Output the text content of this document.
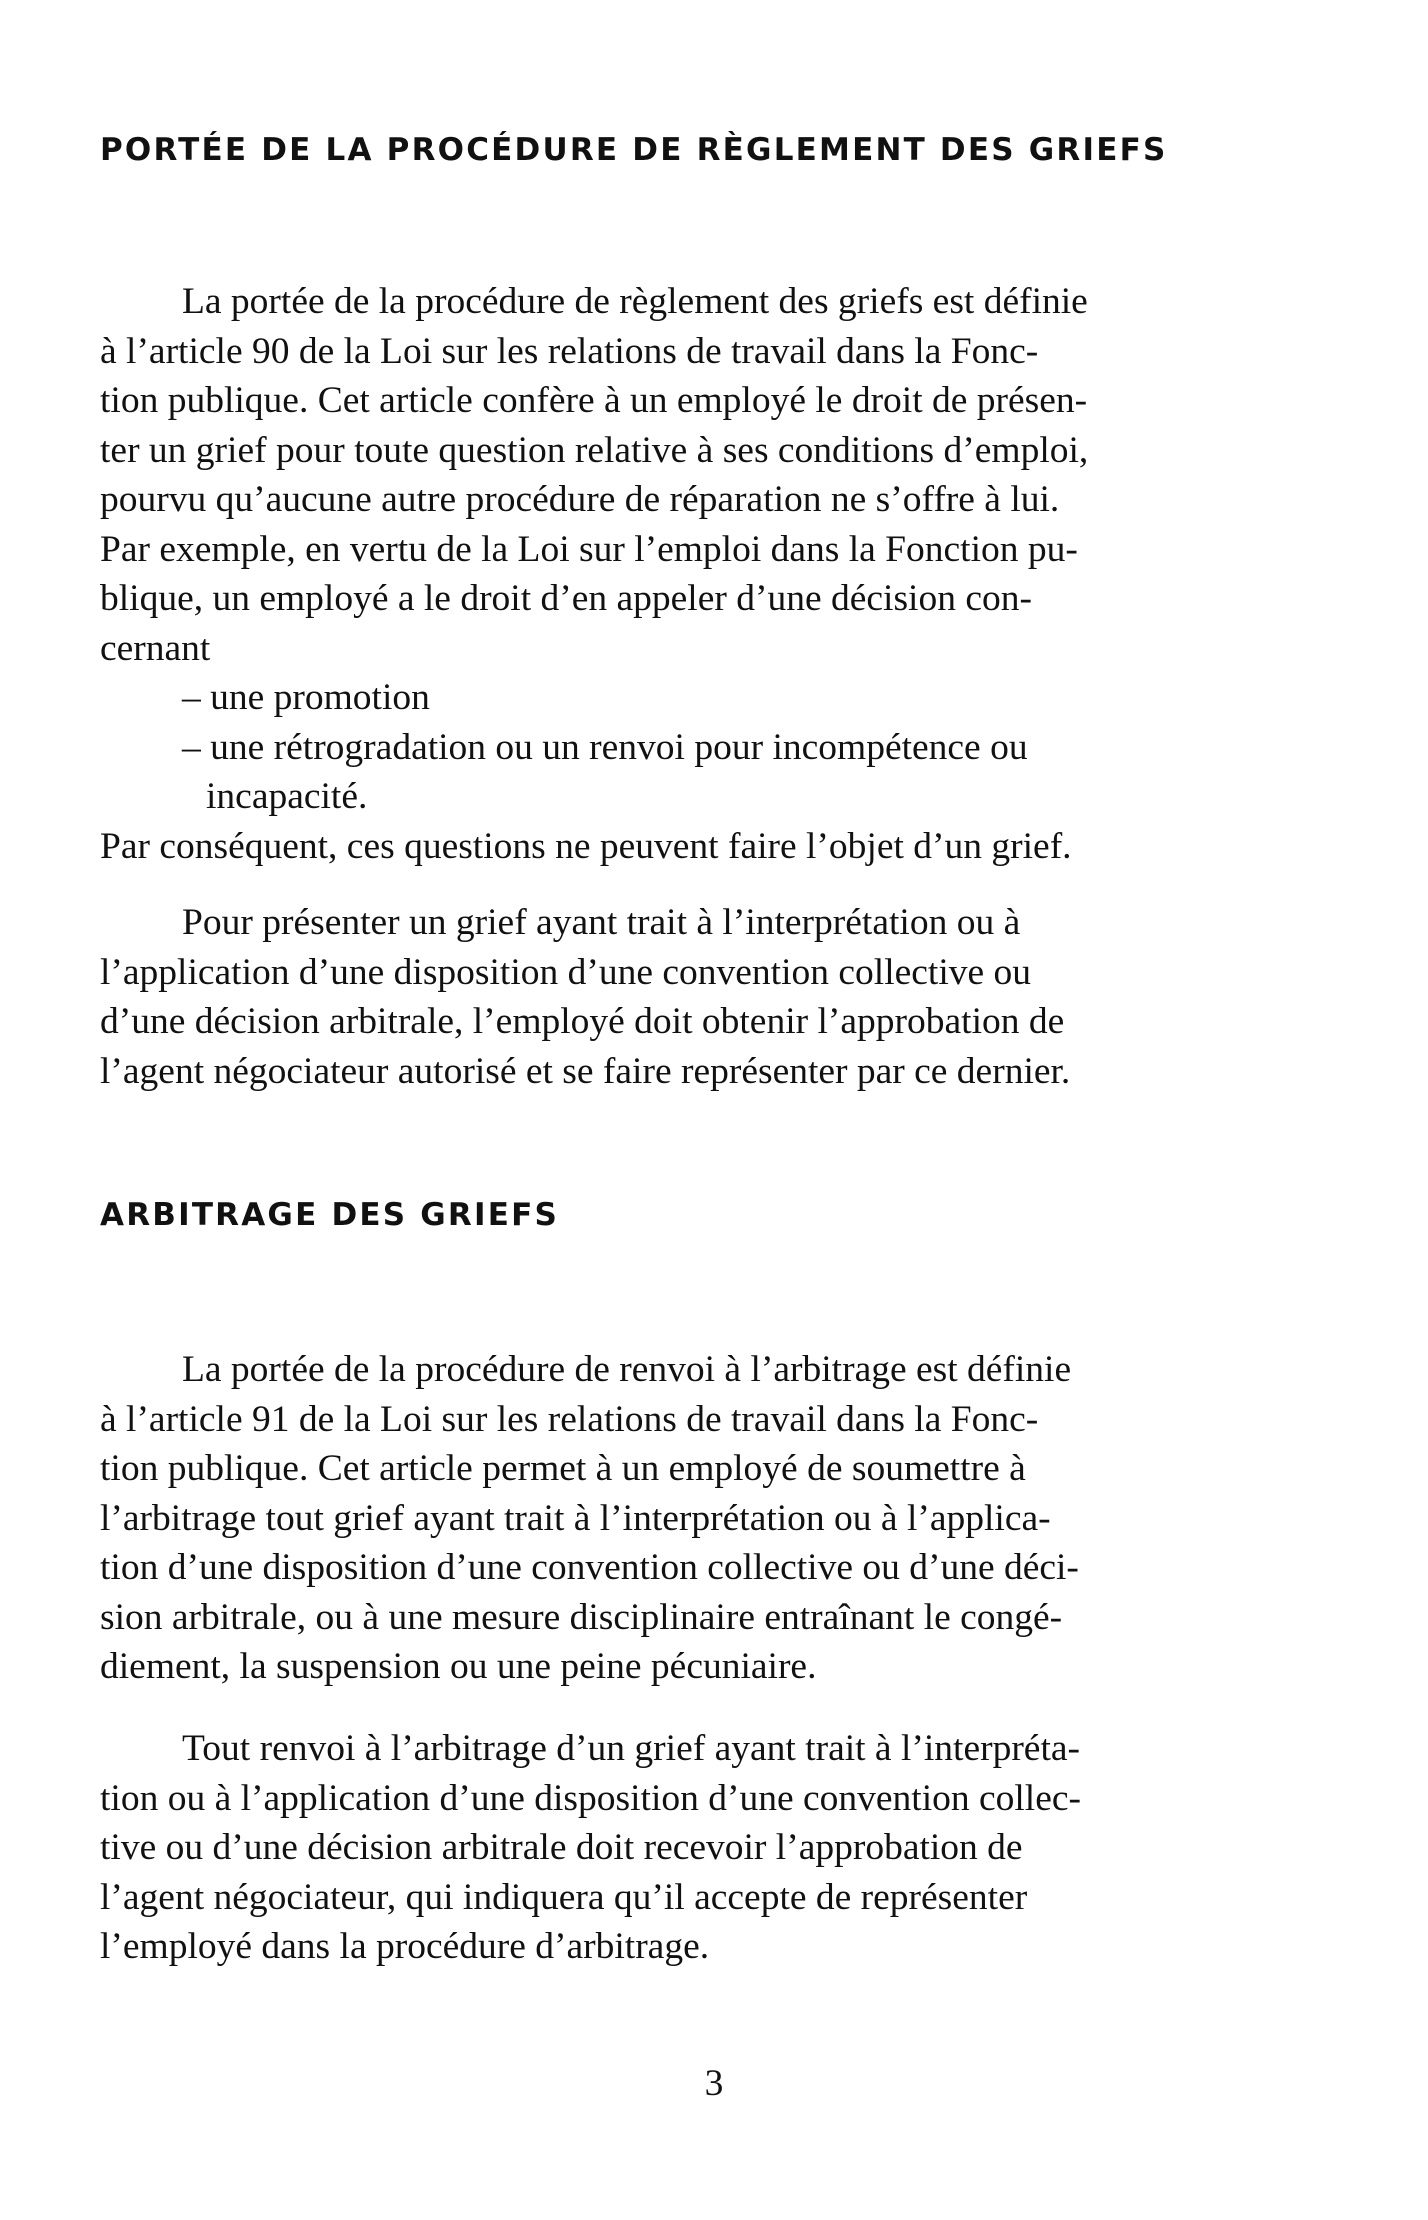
PORTÉE DE LA PROCÉDURE DE RÈGLEMENT DES GRIEFS
La portée de la procédure de règlement des griefs est définie
à l’article 90 de la Loi sur les relations de travail dans la Fonc-
tion publique. Cet article confère à un employé le droit de présen-
ter un grief pour toute question relative à ses conditions d’emploi,
pourvu qu’aucune autre procédure de réparation ne s’offre à lui.
Par exemple, en vertu de la Loi sur l’emploi dans la Fonction pu-
blique, un employé a le droit d’en appeler d’une décision con-
cernant
– une promotion
– une rétrogradation ou un renvoi pour incompétence ou
incapacité.
Par conséquent, ces questions ne peuvent faire l’objet d’un grief.
Pour présenter un grief ayant trait à l’interprétation ou à
l’application d’une disposition d’une convention collective ou
d’une décision arbitrale, l’employé doit obtenir l’approbation de
l’agent négociateur autorisé et se faire représenter par ce dernier.
ARBITRAGE DES GRIEFS
La portée de la procédure de renvoi à l’arbitrage est définie
à l’article 91 de la Loi sur les relations de travail dans la Fonc-
tion publique. Cet article permet à un employé de soumettre à
l’arbitrage tout grief ayant trait à l’interprétation ou à l’applica-
tion d’une disposition d’une convention collective ou d’une déci-
sion arbitrale, ou à une mesure disciplinaire entraînant le congé-
diement, la suspension ou une peine pécuniaire.
Tout renvoi à l’arbitrage d’un grief ayant trait à l’interpréta-
tion ou à l’application d’une disposition d’une convention collec-
tive ou d’une décision arbitrale doit recevoir l’approbation de
l’agent négociateur, qui indiquera qu’il accepte de représenter
l’employé dans la procédure d’arbitrage.
3
